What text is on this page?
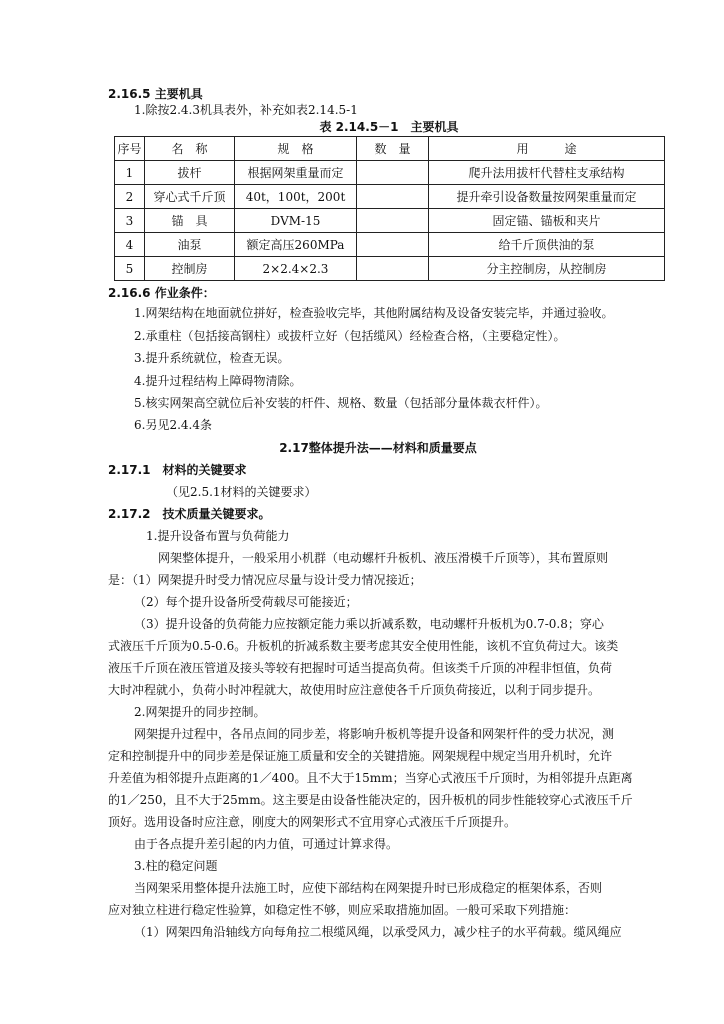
2.16.5 主要机具
1.除按2.4.3机具表外，补充如表2.14.5-1
表 2.14.5－1　主要机具
序号	名　称	规　格	数　量	用　　　途
1	拔杆	根据网架重量而定		爬升法用拔杆代替柱支承结构
2	穿心式千斤顶	40t，100t，200t		提升牵引设备数量按网架重量而定
3	锚　具	DVM-15		固定锚、锚板和夹片
4	油泵	额定高压260MPa		给千斤顶供油的泵
5	控制房	2×2.4×2.3		分主控制房，从控制房
2.16.6 作业条件：
1.网架结构在地面就位拼好，检查验收完毕，其他附属结构及设备安装完毕，并通过验收。
2.承重柱（包括接高钢柱）或拔杆立好（包括缆风）经检查合格，（主要稳定性）。
3.提升系统就位，检查无误。
4.提升过程结构上障碍物清除。
5.核实网架高空就位后补安装的杆件、规格、数量（包括部分量体裁衣杆件）。
6.另见2.4.4条
2.17整体提升法——材料和质量要点
2.17.1　材料的关键要求
（见2.5.1材料的关键要求）
2.17.2　技术质量关键要求。
1.提升设备布置与负荷能力
网架整体提升，一般采用小机群（电动螺杆升板机、液压滑模千斤顶等），其布置原则
是：（1）网架提升时受力情况应尽量与设计受力情况接近；
（2）每个提升设备所受荷载尽可能接近；
（3）提升设备的负荷能力应按额定能力乘以折减系数，电动螺杆升板机为0.7-0.8；穿心
式液压千斤顶为0.5-0.6。升板机的折减系数主要考虑其安全使用性能，该机不宜负荷过大。该类
液压千斤顶在液压管道及接头等较有把握时可适当提高负荷。但该类千斤顶的冲程非恒值，负荷
大时冲程就小，负荷小时冲程就大，故使用时应注意使各千斤顶负荷接近，以利于同步提升。
2.网架提升的同步控制。
网架提升过程中，各吊点间的同步差，将影响升板机等提升设备和网架杆件的受力状况，测
定和控制提升中的同步差是保证施工质量和安全的关键措施。网架规程中规定当用升机时，允许
升差值为相邻提升点距离的1／400。且不大于15mm；当穿心式液压千斤顶时，为相邻提升点距离
的1／250，且不大于25mm。这主要是由设备性能决定的，因升板机的同步性能较穿心式液压千斤
顶好。选用设备时应注意，刚度大的网架形式不宜用穿心式液压千斤顶提升。
由于各点提升差引起的内力值，可通过计算求得。
3.柱的稳定问题
当网架采用整体提升法施工时，应使下部结构在网架提升时已形成稳定的框架体系，否则
应对独立柱进行稳定性验算，如稳定性不够，则应采取措施加固。一般可采取下列措施：
（1）网架四角沿轴线方向每角拉二根缆风绳，以承受风力，减少柱子的水平荷载。缆风绳应
